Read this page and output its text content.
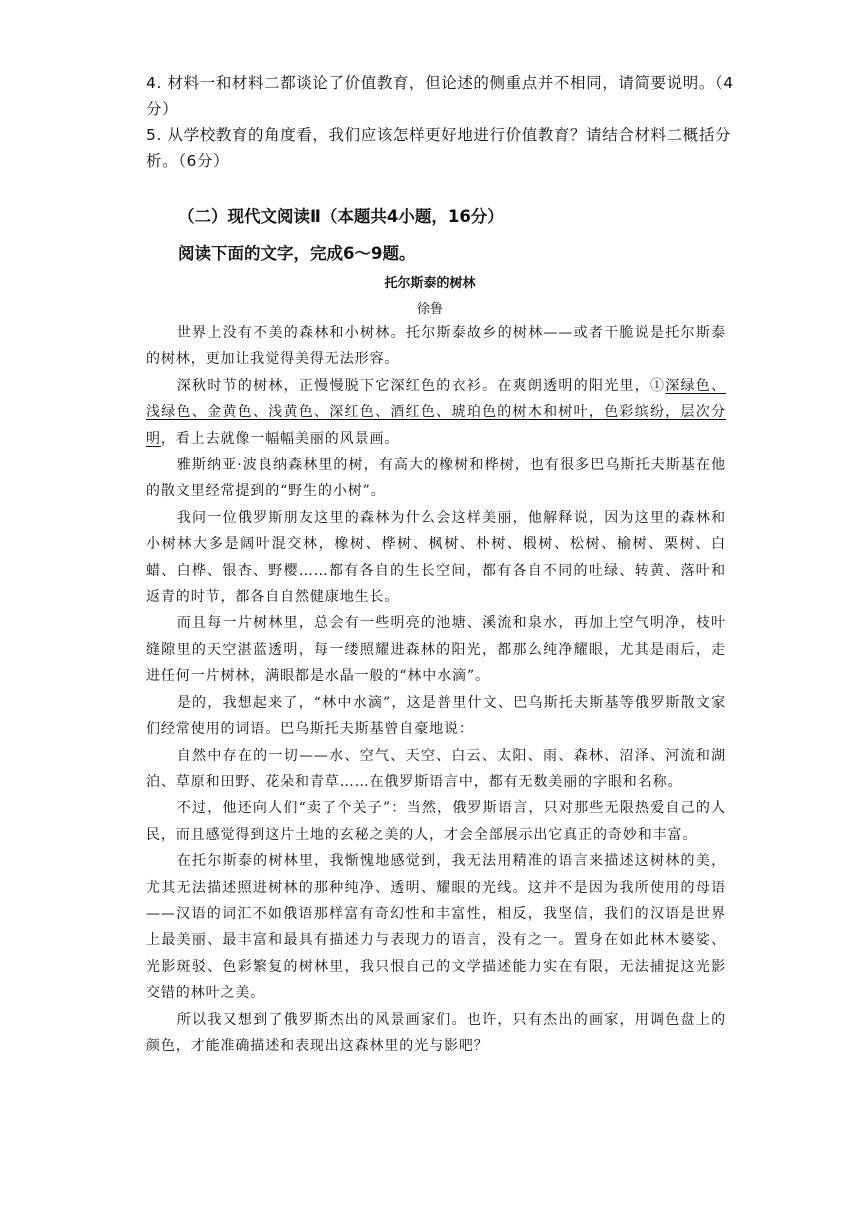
4. 材料一和材料二都谈论了价值教育，但论述的侧重点并不相同，请简要说明。（4分）
5. 从学校教育的角度看，我们应该怎样更好地进行价值教育？请结合材料二概括分析。（6分）
（二）现代文阅读Ⅱ（本题共4小题，16分）
阅读下面的文字，完成6～9题。
托尔斯泰的树林
徐鲁

世界上没有不美的森林和小树林。托尔斯泰故乡的树林——或者干脆说是托尔斯泰的树林，更加让我觉得美得无法形容。

深秋时节的树林，正慢慢脱下它深红色的衣衫。在爽朗透明的阳光里，①深绿色、浅绿色、金黄色、浅黄色、深红色、酒红色、琥珀色的树木和树叶，色彩缤纷，层次分明，看上去就像一幅幅美丽的风景画。

雅斯纳亚·波良纳森林里的树，有高大的橡树和桦树，也有很多巴乌斯托夫斯基在他的散文里经常提到的“野生的小树”。

我问一位俄罗斯朋友这里的森林为什么会这样美丽，他解释说，因为这里的森林和小树林大多是阔叶混交林，橡树、桦树、枫树、朴树、椴树、松树、榆树、栗树、白蜡、白桦、银杏、野樱……都有各自的生长空间，都有各自不同的吐绿、转黄、落叶和返青的时节，都各自自然健康地生长。

而且每一片树林里，总会有一些明亮的池塘、溪流和泉水，再加上空气明净，枝叶缝隙里的天空湛蓝透明，每一缕照耀进森林的阳光，都那么纯净耀眼，尤其是雨后，走进任何一片树林，满眼都是水晶一般的“林中水滴”。

是的，我想起来了，“林中水滴”，这是普里什文、巴乌斯托夫斯基等俄罗斯散文家们经常使用的词语。巴乌斯托夫斯基曾自豪地说：

自然中存在的一切——水、空气、天空、白云、太阳、雨、森林、沼泽、河流和湖泊、草原和田野、花朵和青草……在俄罗斯语言中，都有无数美丽的字眼和名称。

不过，他还向人们“卖了个关子”：当然，俄罗斯语言，只对那些无限热爱自己的人民，而且感觉得到这片土地的玄秘之美的人，才会全部展示出它真正的奇妙和丰富。

在托尔斯泰的树林里，我惭愧地感觉到，我无法用精准的语言来描述这树林的美，尤其无法描述照进树林的那种纯净、透明、耀眼的光线。这并不是因为我所使用的母语——汉语的词汇不如俄语那样富有奇幻性和丰富性，相反，我坚信，我们的汉语是世界上最美丽、最丰富和最具有描述力与表现力的语言，没有之一。置身在如此林木婆娑、光影斑驳、色彩繁复的树林里，我只恨自己的文学描述能力实在有限，无法捕捉这光影交错的林叶之美。

所以我又想到了俄罗斯杰出的风景画家们。也许，只有杰出的画家，用调色盘上的颜色，才能准确描述和表现出这森林里的光与影吧？
